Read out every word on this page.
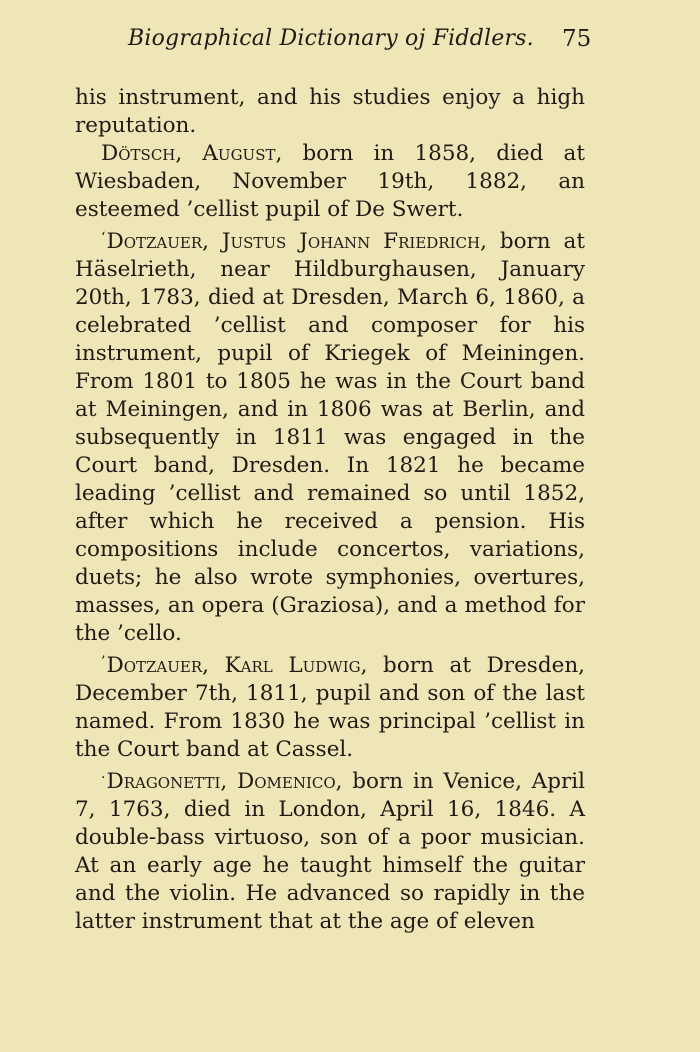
Biographical Dictionary oj Fiddlers.	75

his instrument, and his studies enjoy a high reputation.

Dötsch, August, born in 1858, died at Wiesbaden, November 19th, 1882, an esteemed ’cellist pupil of De Swert.

‘Dotzauer, Justus Johann Friedrich, born at Häselrieth, near Hildburghausen, January 20th, 1783, died at Dresden, March 6, 1860, a celebrated ’cellist and composer for his instrument, pupil of Kriegek of Meiningen. From 1801 to 1805 he was in the Court band at Meiningen, and in 1806 was at Berlin, and subsequently in 1811 was engaged in the Court band, Dresden. In 1821 he became leading ’cellist and remained so until 1852, after which he received a pension. His compositions include concertos, variations, duets; he also wrote symphonies, overtures, masses, an opera (Graziosa), and a method for the ’cello.

’Dotzauer, Karl Ludwig, born at Dresden, December 7th, 1811, pupil and son of the last named. From 1830 he was principal ’cellist in the Court band at Cassel.

·Dragonetti, Domenico, born in Venice, April 7, 1763, died in London, April 16, 1846. A double-bass virtuoso, son of a poor musician. At an early age he taught himself the guitar and the violin. He advanced so rapidly in the latter instrument that at the age of eleven
